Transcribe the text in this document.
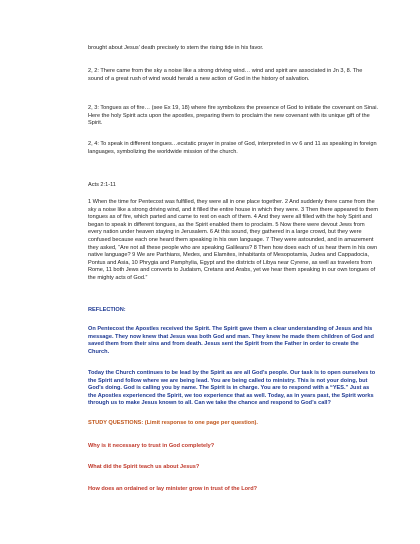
brought about Jesus’ death precisely to stem the rising tide in his favor.

2, 2: There came from the sky a noise like a strong driving wind… wind and spirit are associated in Jn 3, 8. The sound of a great rush of wind would herald a new action of God in the history of salvation.

2, 3: Tongues as of fire… (see Ex 19, 18) where fire symbolizes the presence of God to initiate the covenant on Sinai. Here the holy Spirit acts upon the apostles, preparing them to proclaim the new covenant with its unique gift of the Spirit.

2, 4: To speak in different tongues…ecstatic prayer in praise of God, interpreted in vv 6 and 11 as speaking in foreign languages, symbolizing the worldwide mission of the church.

Acts 2:1-11

1 When the time for Pentecost was fulfilled, they were all in one place together. 2 And suddenly there came from the sky a noise like a strong driving wind, and it filled the entire house in which they were. 3 Then there appeared to them tongues as of fire, which parted and came to rest on each of them. 4 And they were all filled with the holy Spirit and began to speak in different tongues, as the Spirit enabled them to proclaim. 5 Now there were devout Jews from every nation under heaven staying in Jerusalem. 6 At this sound, they gathered in a large crowd, but they were confused because each one heard them speaking in his own language. 7 They were astounded, and in amazement they asked, “Are not all these people who are speaking Galileans? 8 Then how does each of us hear them in his own native language? 9 We are Parthians, Medes, and Elamites, inhabitants of Mesopotamia, Judea and Cappadocia, Pontus and Asia, 10 Phrygia and Pamphylia, Egypt and the districts of Libya near Cyrene, as well as travelers from Rome, 11 both Jews and converts to Judaism, Cretans and Arabs, yet we hear them speaking in our own tongues of the mighty acts of God.”

REFLECTION:

On Pentecost the Apostles received the Spirit. The Spirit gave them a clear understanding of Jesus and his message. They now knew that Jesus was both God and man. They knew he made them children of God and saved them from their sins and from death. Jesus sent the Spirit from the Father in order to create the Church.

Today the Church continues to be lead by the Spirit as are all God’s people. Our task is to open ourselves to the Spirit and follow where we are being lead. You are being called to ministry. This is not your doing, but God’s doing. God is calling you by name. The Spirit is in charge. You are to respond with a “YES.” Just as the Apostles experienced the Spirit, we too experience that as well. Today, as in years past, the Spirit works through us to make Jesus known to all. Can we take the chance and respond to God’s call?

STUDY QUESTIONS: (Limit response to one page per question).

Why is it necessary to trust in God completely?

What did the Spirit teach us about Jesus?

How does an ordained or lay minister grow in trust of the Lord?
